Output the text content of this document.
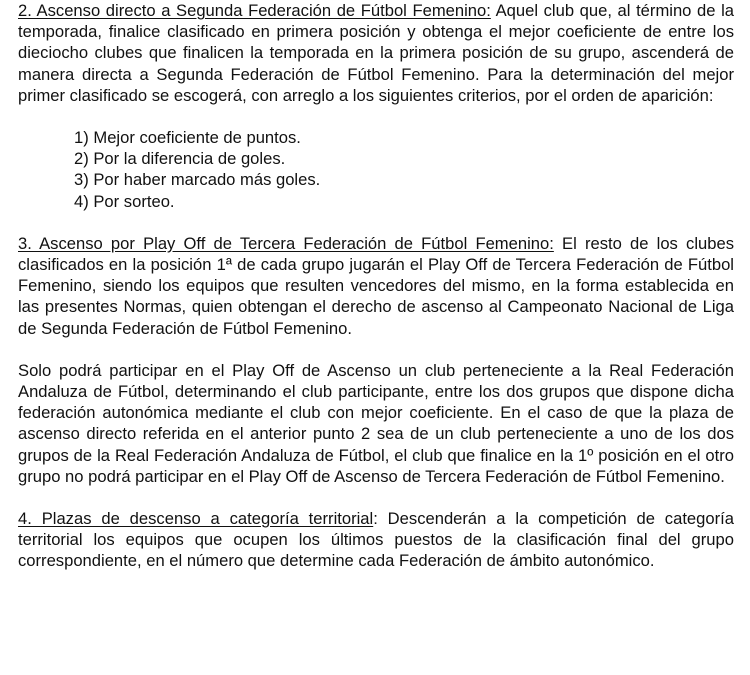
2. Ascenso directo a Segunda Federación de Fútbol Femenino: Aquel club que, al término de la temporada, finalice clasificado en primera posición y obtenga el mejor coeficiente de entre los dieciocho clubes que finalicen la temporada en la primera posición de su grupo, ascenderá de manera directa a Segunda Federación de Fútbol Femenino. Para la determinación del mejor primer clasificado se escogerá, con arreglo a los siguientes criterios, por el orden de aparición:

1) Mejor coeficiente de puntos.
2) Por la diferencia de goles.
3) Por haber marcado más goles.
4) Por sorteo.

3. Ascenso por Play Off de Tercera Federación de Fútbol Femenino: El resto de los clubes clasificados en la posición 1ª de cada grupo jugarán el Play Off de Tercera Federación de Fútbol Femenino, siendo los equipos que resulten vencedores del mismo, en la forma establecida en las presentes Normas, quien obtengan el derecho de ascenso al Campeonato Nacional de Liga de Segunda Federación de Fútbol Femenino.

Solo podrá participar en el Play Off de Ascenso un club perteneciente a la Real Federación Andaluza de Fútbol, determinando el club participante, entre los dos grupos que dispone dicha federación autonómica mediante el club con mejor coeficiente. En el caso de que la plaza de ascenso directo referida en el anterior punto 2 sea de un club perteneciente a uno de los dos grupos de la Real Federación Andaluza de Fútbol, el club que finalice en la 1º posición en el otro grupo no podrá participar en el Play Off de Ascenso de Tercera Federación de Fútbol Femenino.

4. Plazas de descenso a categoría territorial: Descenderán a la competición de categoría territorial los equipos que ocupen los últimos puestos de la clasificación final del grupo correspondiente, en el número que determine cada Federación de ámbito autonómico.
